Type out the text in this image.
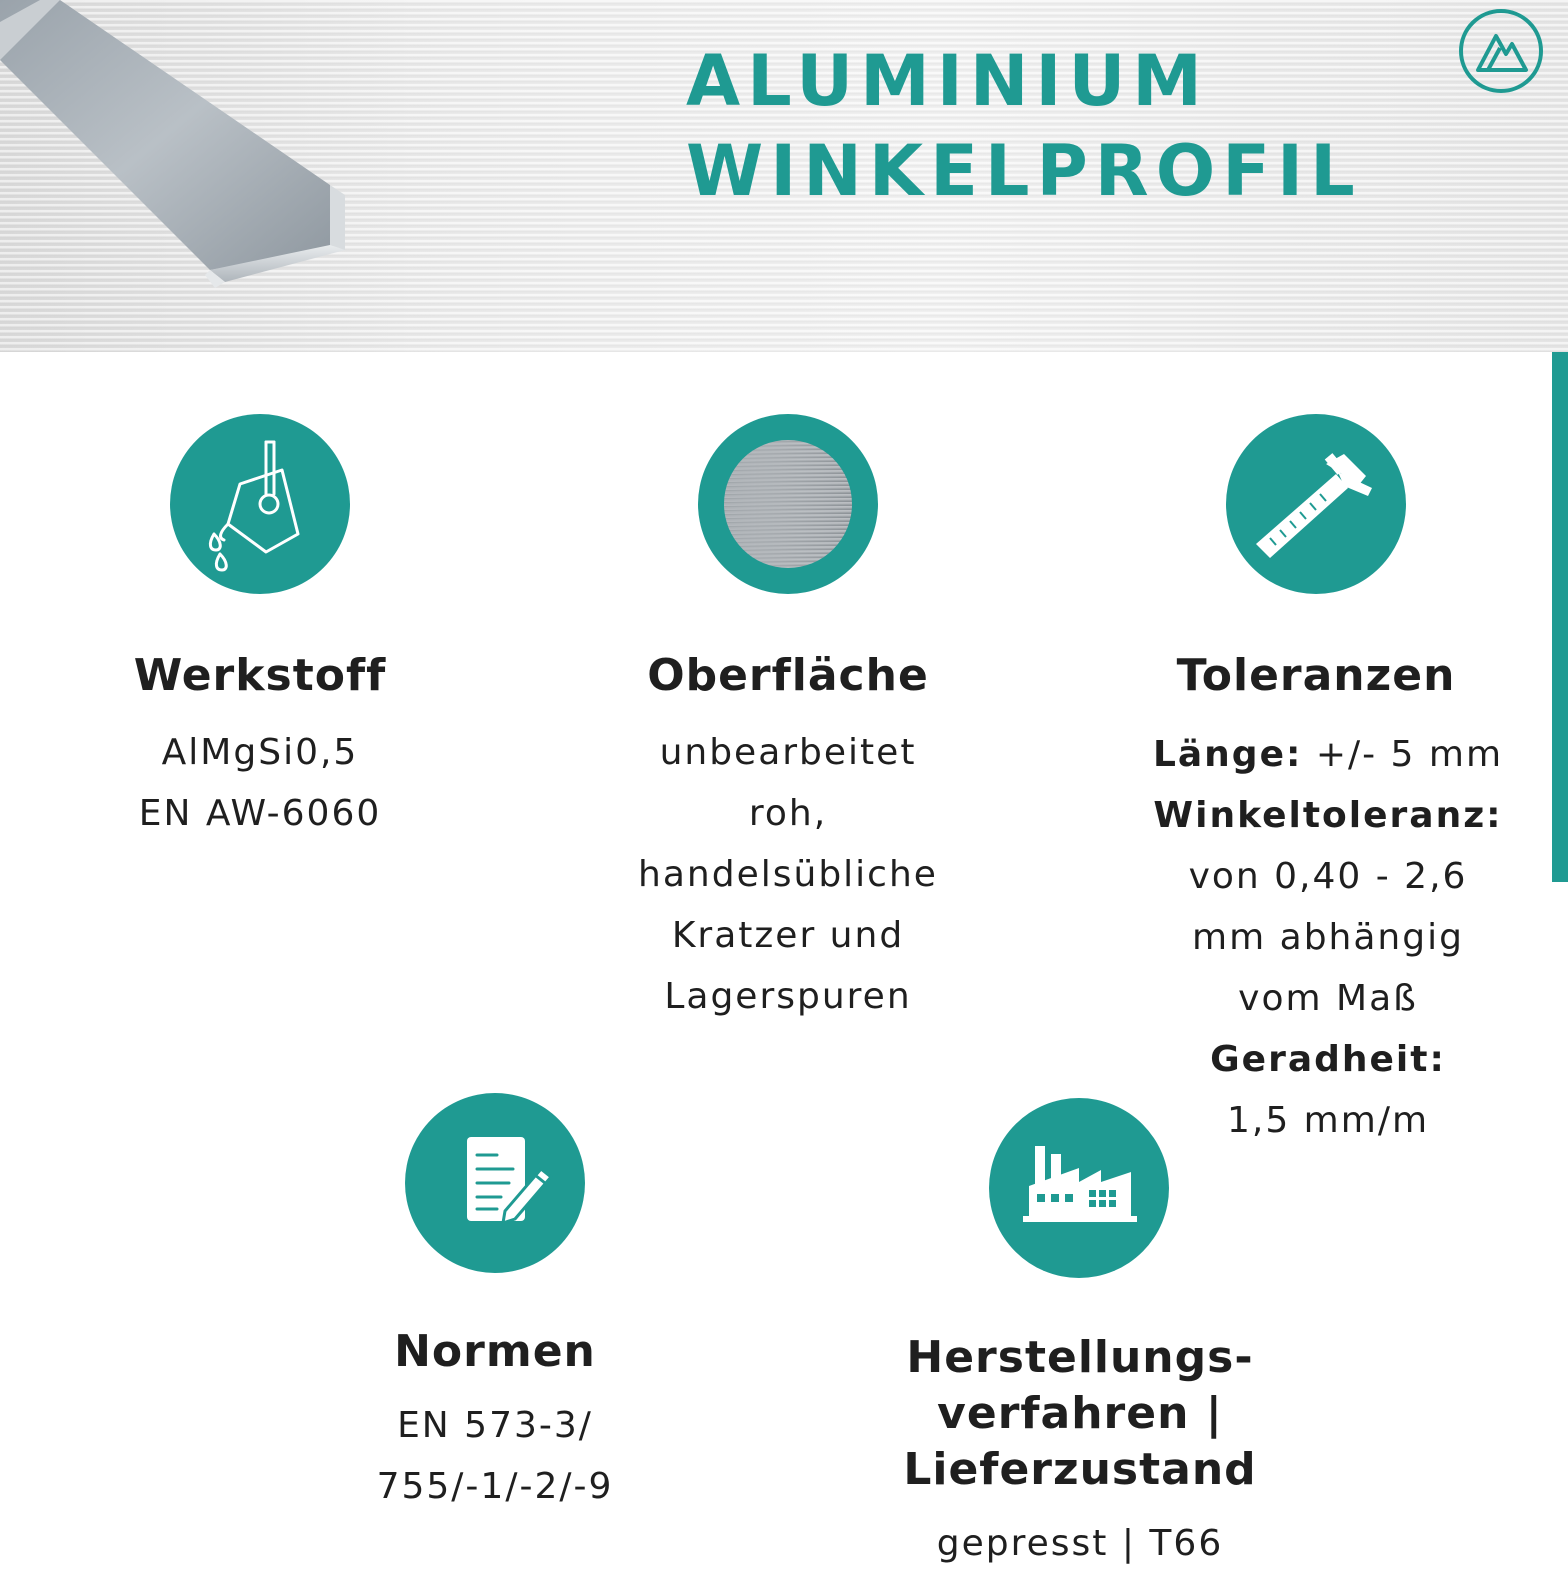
ALUMINIUM
WINKELPROFIL
Werkstoff
AlMgSi0,5
EN AW-6060
Oberfläche
unbearbeitet
roh,
handelsübliche
Kratzer und
Lagerspuren
Toleranzen
Länge: +/- 5 mm
Winkeltoleranz:
von 0,40 - 2,6
mm abhängig
vom Maß
Geradheit:
1,5 mm/m
Normen
EN 573-3/
755/-1/-2/-9
Herstellungs-
verfahren |
Lieferzustand
gepresst | T66
